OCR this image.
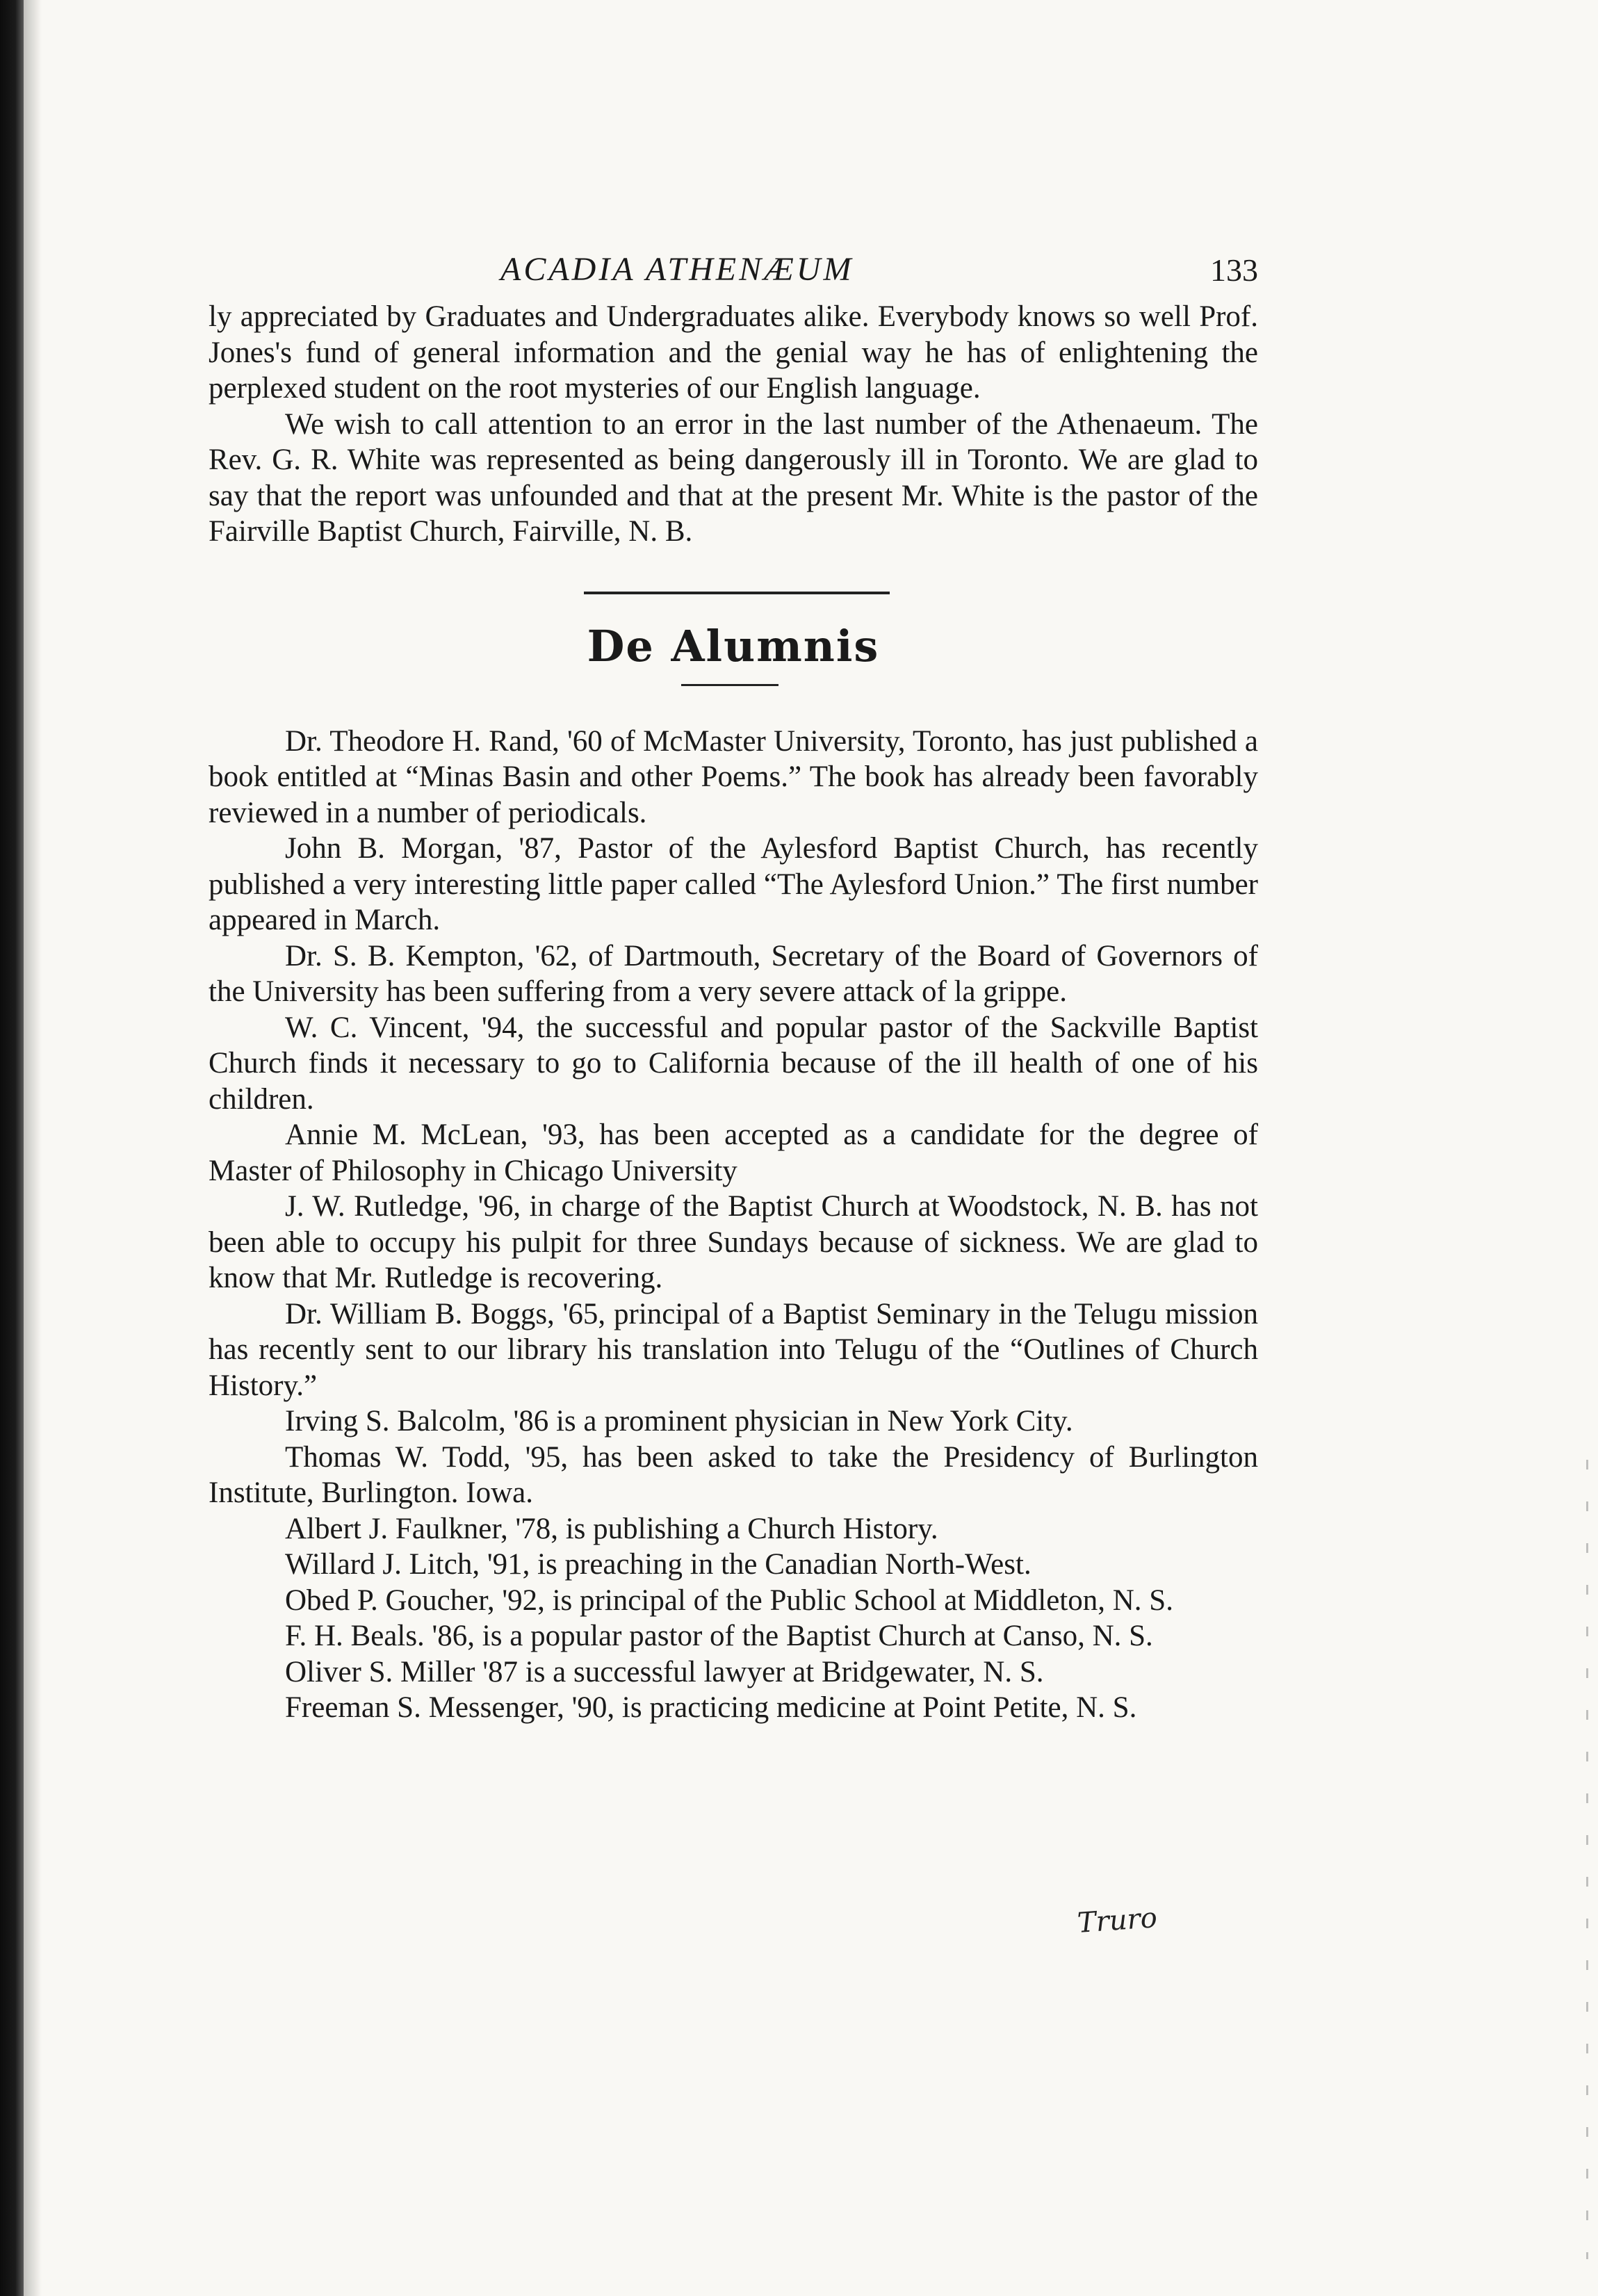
ACADIA ATHENÆUM	133

ly appreciated by Graduates and Undergraduates alike. Everybody knows so well Prof. Jones's fund of general information and the genial way he has of enlightening the perplexed student on the root mysteries of our English language.

We wish to call attention to an error in the last number of the Athenaeum. The Rev. G. R. White was represented as being dangerously ill in Toronto. We are glad to say that the report was unfounded and that at the present Mr. White is the pastor of the Fairville Baptist Church, Fairville, N. B.

De Alumnis

Dr. Theodore H. Rand, '60 of McMaster University, Toronto, has just published a book entitled at “Minas Basin and other Poems.” The book has already been favorably reviewed in a number of periodicals.

John B. Morgan, '87, Pastor of the Aylesford Baptist Church, has recently published a very interesting little paper called “The Aylesford Union.” The first number appeared in March.

Dr. S. B. Kempton, '62, of Dartmouth, Secretary of the Board of Governors of the University has been suffering from a very severe attack of la grippe.

W. C. Vincent, '94, the successful and popular pastor of the Sackville Baptist Church finds it necessary to go to California because of the ill health of one of his children.

Annie M. McLean, '93, has been accepted as a candidate for the degree of Master of Philosophy in Chicago University

J. W. Rutledge, '96, in charge of the Baptist Church at Woodstock, N. B. has not been able to occupy his pulpit for three Sundays because of sickness. We are glad to know that Mr. Rutledge is recovering.

Dr. William B. Boggs, '65, principal of a Baptist Seminary in the Telugu mission has recently sent to our library his translation into Telugu of the “Outlines of Church History.”

Irving S. Balcolm, '86 is a prominent physician in New York City.

Thomas W. Todd, '95, has been asked to take the Presidency of Burlington Institute, Burlington. Iowa.

Albert J. Faulkner, '78, is publishing a Church History.

Willard J. Litch, '91, is preaching in the Canadian North-West.

Obed P. Goucher, '92, is principal of the Public School at Middleton, N. S.

F. H. Beals. '86, is a popular pastor of the Baptist Church at Canso, N. S.

Oliver S. Miller '87 is a successful lawyer at Bridgewater, N. S.

Freeman S. Messenger, '90, is practicing medicine at Point Petite, N. S.

Truro
